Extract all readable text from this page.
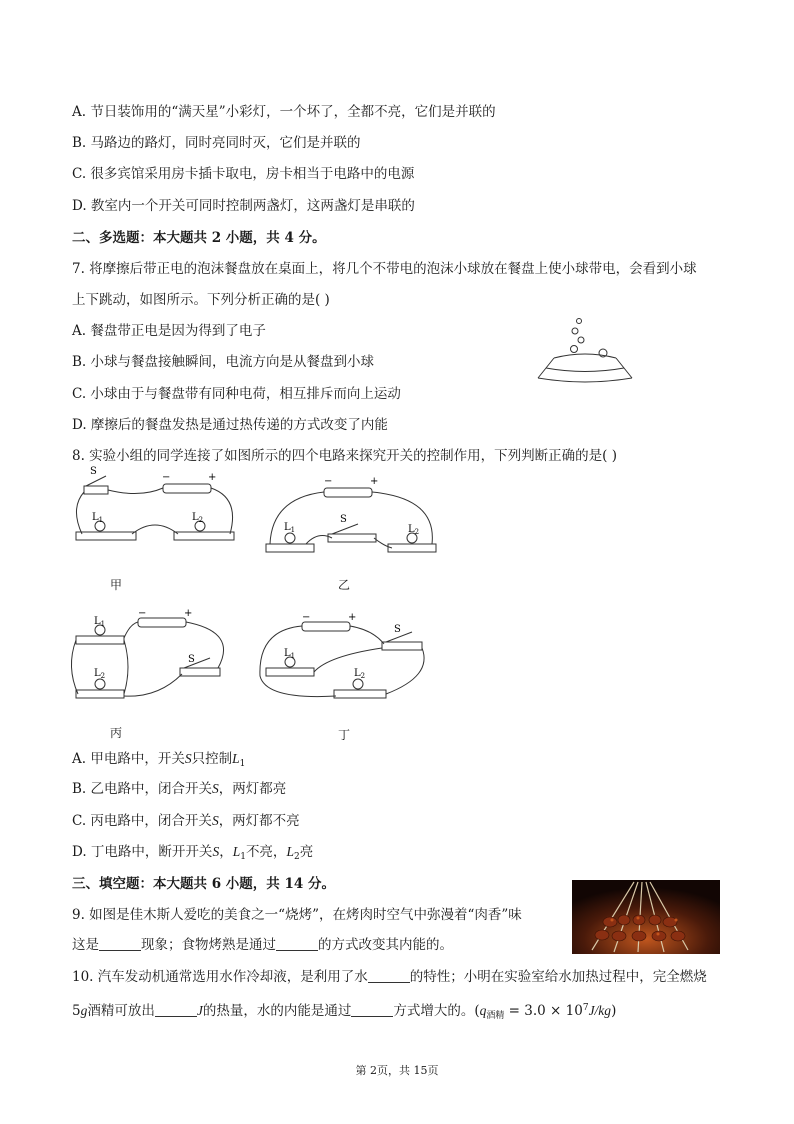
A. 节日装饰用的“满天星”小彩灯，一个坏了，全都不亮，它们是并联的
B. 马路边的路灯，同时亮同时灭，它们是并联的
C. 很多宾馆采用房卡插卡取电，房卡相当于电路中的电源
D. 教室内一个开关可同时控制两盏灯，这两盏灯是串联的
二、多选题：本大题共 2 小题，共 4 分。
7. 将摩擦后带正电的泡沫餐盘放在桌面上，将几个不带电的泡沫小球放在餐盘上使小球带电，会看到小球
上下跳动，如图所示。下列分析正确的是( )
A. 餐盘带正电是因为得到了电子
B. 小球与餐盘接触瞬间，电流方向是从餐盘到小球
C. 小球由于与餐盘带有同种电荷，相互排斥而向上运动
D. 摩擦后的餐盘发热是通过热传递的方式改变了内能
8. 实验小组的同学连接了如图所示的四个电路来探究开关的控制作用，下列判断正确的是( )
S
−	+
$L_1$	$L_2$
甲
−	+
S
$L_1$	$L_2$
乙
−	+
S
$L_1$
$L_2$
丙
−	+
S
$L_1$
$L_2$
丁
A. 甲电路中，开关S只控制$L_1$
B. 乙电路中，闭合开关S，两灯都亮
C. 丙电路中，闭合开关S，两灯都不亮
D. 丁电路中，断开开关S，$L_1$不亮，$L_2$亮
三、填空题：本大题共 6 小题，共 14 分。
9. 如图是佳木斯人爱吃的美食之一“烧烤”，在烤肉时空气中弥漫着“肉香”味
这是	现象；食物烤熟是通过	的方式改变其内能的。
10. 汽车发动机通常选用水作冷却液，是利用了水	的特性；小明在实验室给水加热过程中，完全燃烧
5g酒精可放出	J的热量，水的内能是通过	方式增大的。$(q_{酒精} = 3.0 \times 10^7J/kg)$
第 2页，共 15页
